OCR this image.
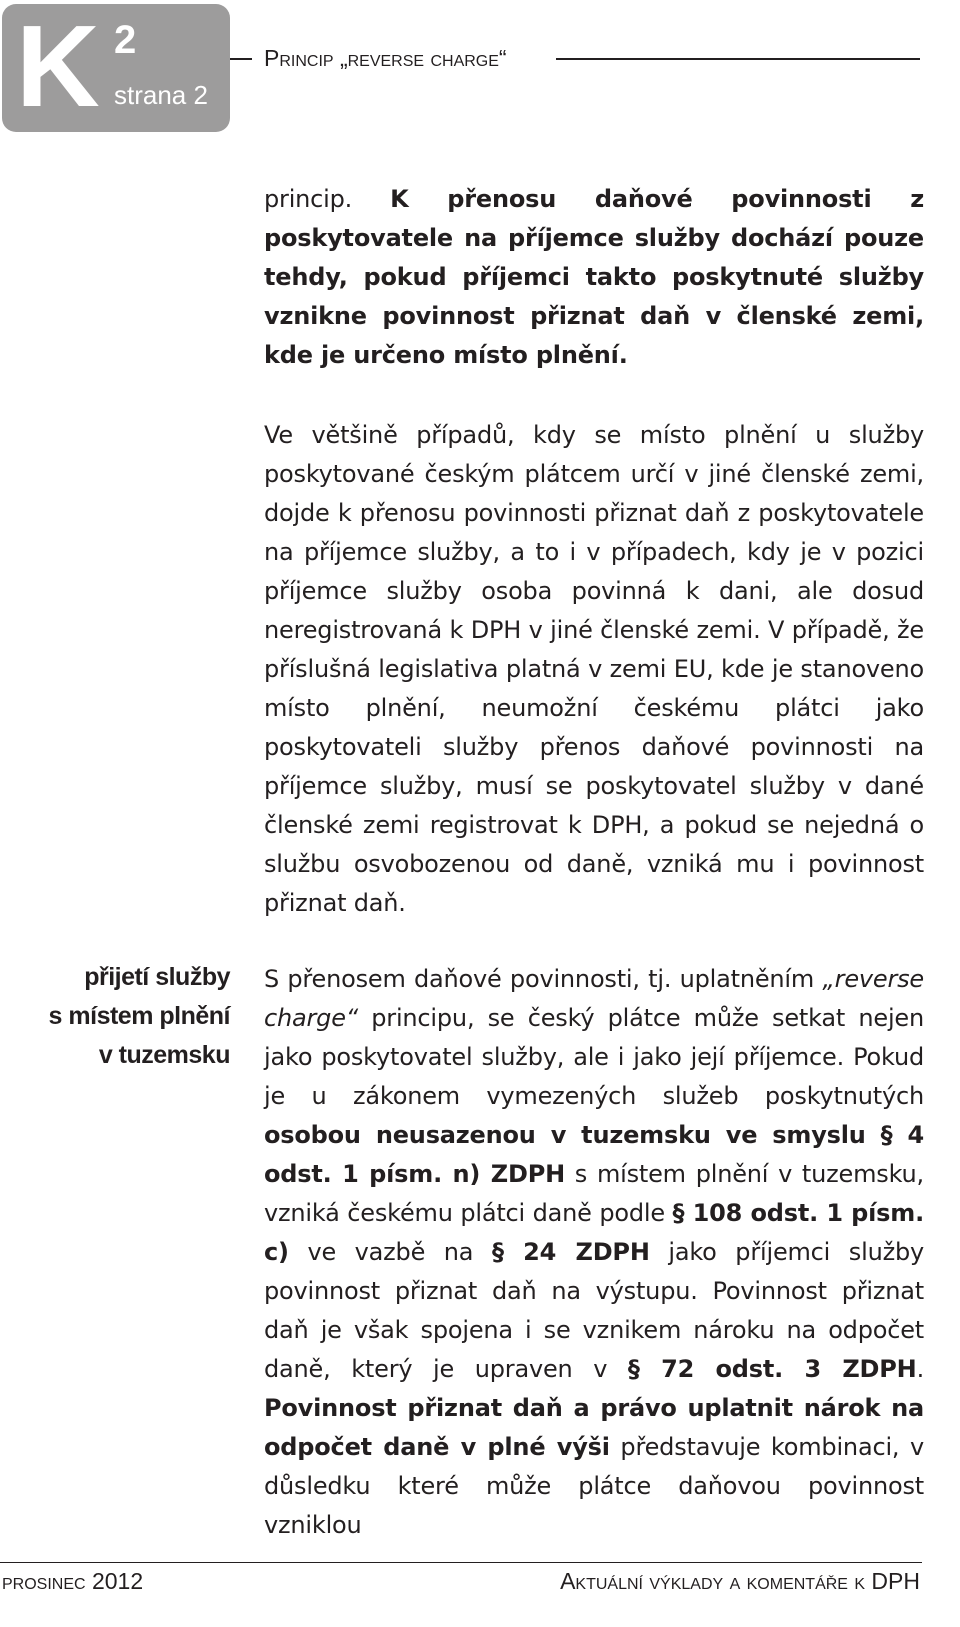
K 2
strana 2
Princip „reverse charge“

princip. K přenosu daňové povinnosti z poskytovatele na příjemce služby dochází pouze tehdy, pokud příjemci takto poskytnuté služby vznikne povinnost přiznat daň v členské zemi, kde je určeno místo plnění.

Ve většině případů, kdy se místo plnění u služby poskytované českým plátcem určí v jiné členské zemi, dojde k přenosu povinnosti přiznat daň z poskytovatele na příjemce služby, a to i v případech, kdy je v pozici příjemce služby osoba povinná k dani, ale dosud neregistrovaná k DPH v jiné členské zemi. V případě, že příslušná legislativa platná v zemi EU, kde je stanoveno místo plnění, neumožní českému plátci jako poskytovateli služby přenos daňové povinnosti na příjemce služby, musí se poskytovatel služby v dané členské zemi registrovat k DPH, a pokud se nejedná o službu osvobozenou od daně, vzniká mu i povinnost přiznat daň.

S přenosem daňové povinnosti, tj. uplatněním „reverse charge“ principu, se český plátce může setkat nejen jako poskytovatel služby, ale i jako její příjemce. Pokud je u zákonem vymezených služeb poskytnutých osobou neusazenou v tuzemsku ve smyslu § 4 odst. 1 písm. n) ZDPH s místem plnění v tuzemsku, vzniká českému plátci daně podle § 108 odst. 1 písm. c) ve vazbě na § 24 ZDPH jako příjemci služby povinnost přiznat daň na výstupu. Povinnost přiznat daň je však spojena i se vznikem nároku na odpočet daně, který je upraven v § 72 odst. 3 ZDPH. Povinnost přiznat daň a právo uplatnit nárok na odpočet daně v plné výši představuje kombinaci, v důsledku které může plátce daňovou povinnost vzniklou

přijetí služby
s místem plnění
v tuzemsku
prosinec 2012	Aktuální výklady a komentáře k DPH
